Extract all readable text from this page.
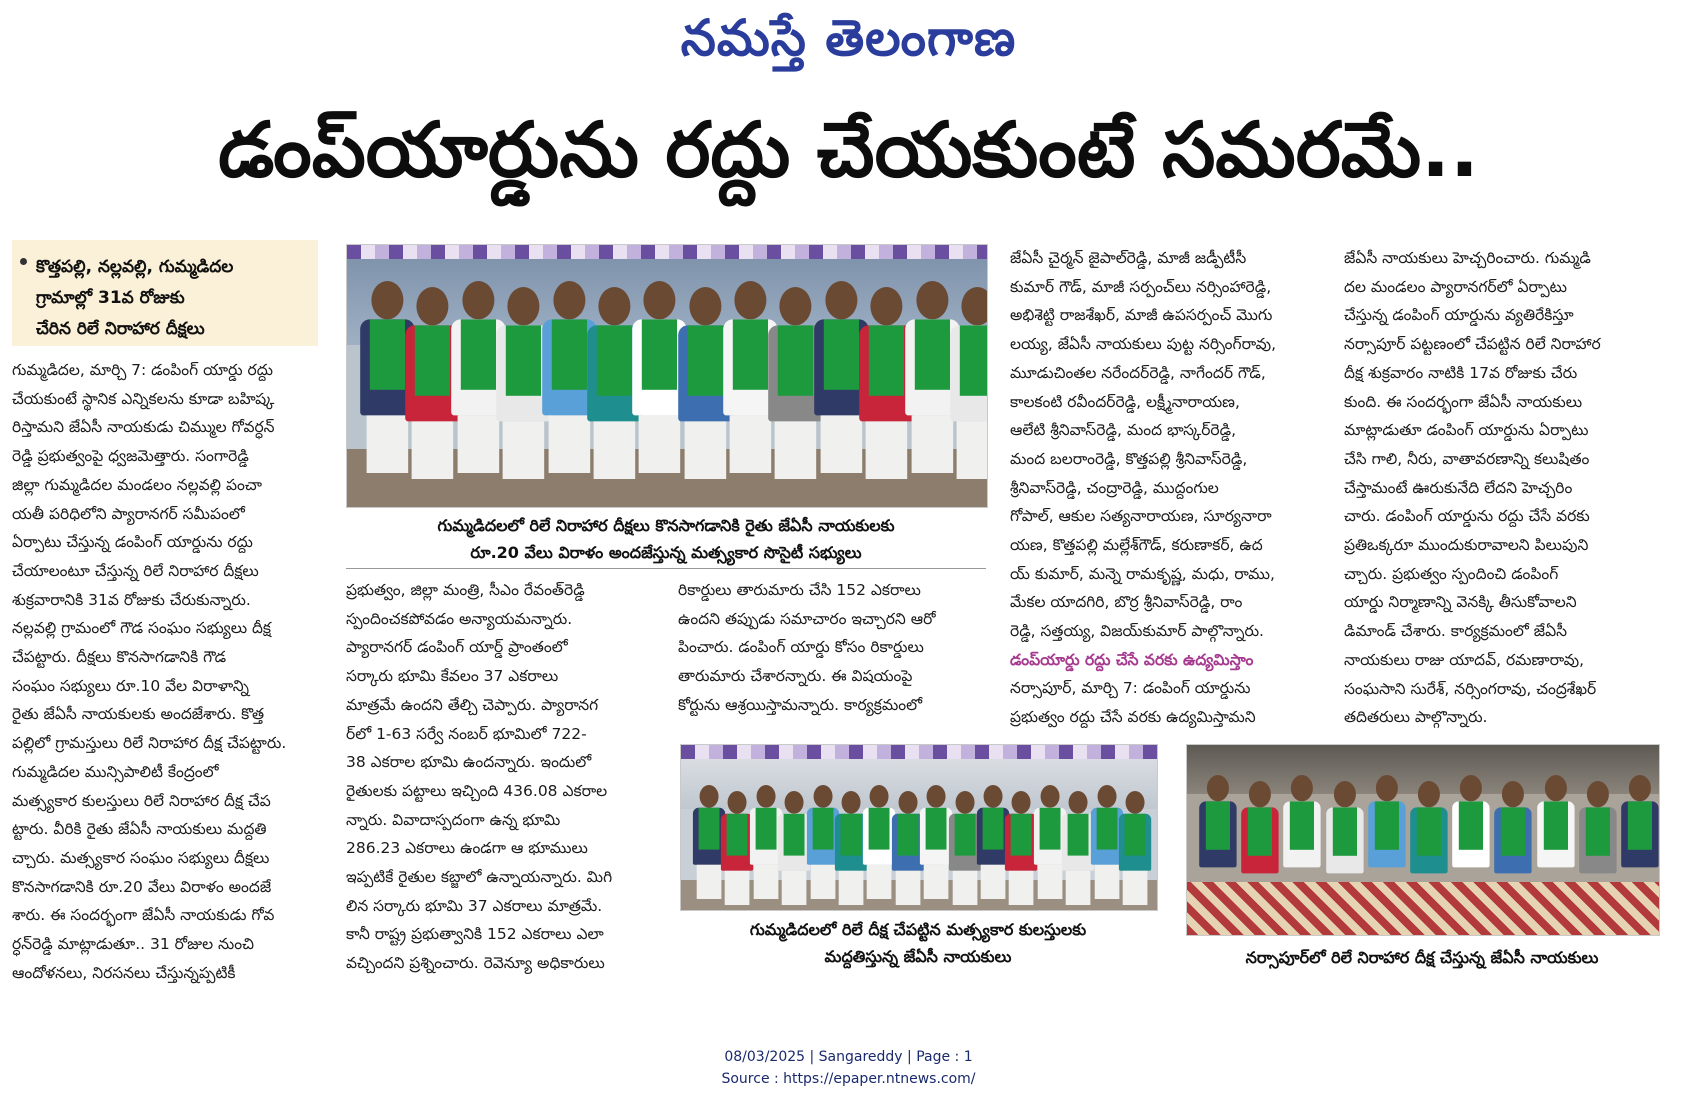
నమస్తే తెలంగాణ
డంప్‌యార్డును రద్దు చేయకుంటే సమరమే..
కొత్తపల్లి, నల్లవల్లి, గుమ్మడిదల
గ్రామాల్లో 31వ రోజుకు
చేరిన రిలే నిరాహార దీక్షలు

గుమ్మడిదల, మార్చి 7: డంపింగ్ యార్డు రద్దు

చేయకుంటే స్థానిక ఎన్నికలను కూడా బహిష్క

రిస్తామని జేఏసీ నాయకుడు చిమ్ముల గోవర్ధన్

రెడ్డి ప్రభుత్వంపై ధ్వజమెత్తారు. సంగారెడ్డి

జిల్లా గుమ్మడిదల మండలం నల్లవల్లి పంచా

యతీ పరిధిలోని ప్యారానగర్ సమీపంలో

ఏర్పాటు చేస్తున్న డంపింగ్ యార్డును రద్దు

చేయాలంటూ చేస్తున్న రిలే నిరాహార దీక్షలు

శుక్రవారానికి 31వ రోజుకు చేరుకున్నారు.

నల్లవల్లి గ్రామంలో గౌడ సంఘం సభ్యులు దీక్ష

చేపట్టారు. దీక్షలు కొనసాగడానికి గౌడ

సంఘం సభ్యులు రూ.10 వేల విరాళాన్ని

రైతు జేఏసీ నాయకులకు అందజేశారు. కొత్త

పల్లిలో గ్రామస్తులు రిలే నిరాహార దీక్ష చేపట్టారు.

గుమ్మడిదల మున్సిపాలిటీ కేంద్రంలో

మత్స్యకార కులస్తులు రిలే నిరాహార దీక్ష చేప

ట్టారు. వీరికి రైతు జేఏసీ నాయకులు మద్దతి

చ్చారు. మత్స్యకార సంఘం సభ్యులు దీక్షలు

కొనసాగడానికి రూ.20 వేలు విరాళం అందజే

శారు. ఈ సందర్భంగా జేఏసీ నాయకుడు గోవ

ర్ధన్‌రెడ్డి మాట్లాడుతూ.. 31 రోజుల నుంచి

ఆందోళనలు, నిరసనలు చేస్తున్నప్పటికీ

గుమ్మడిదలలో రిలే నిరాహార దీక్షలు కొనసాగడానికి రైతు జేఏసీ నాయకులకు
రూ.20 వేలు విరాళం అందజేస్తున్న మత్స్యకార సొసైటీ సభ్యులు

ప్రభుత్వం, జిల్లా మంత్రి, సీఎం రేవంత్‌రెడ్డి

స్పందించకపోవడం అన్యాయమన్నారు.

ప్యారానగర్ డంపింగ్ యార్డ్ ప్రాంతంలో

సర్కారు భూమి కేవలం 37 ఎకరాలు

మాత్రమే ఉందని తేల్చి చెప్పారు. ప్యారానగ

ర్‌లో 1-63 సర్వే నంబర్ భూమిలో 722-

38 ఎకరాల భూమి ఉందన్నారు. ఇందులో

రైతులకు పట్టాలు ఇచ్చింది 436.08 ఎకరాల

న్నారు. వివాదాస్పదంగా ఉన్న భూమి

286.23 ఎకరాలు ఉండగా ఆ భూములు

ఇప్పటికే రైతుల కబ్జాలో ఉన్నాయన్నారు. మిగి

లిన సర్కారు భూమి 37 ఎకరాలు మాత్రమే.

కానీ రాష్ట్ర ప్రభుత్వానికి 152 ఎకరాలు ఎలా

వచ్చిందని ప్రశ్నించారు. రెవెన్యూ అధికారులు

రికార్డులు తారుమారు చేసి 152 ఎకరాలు

ఉందని తప్పుడు సమాచారం ఇచ్చారని ఆరో

పించారు. డంపింగ్ యార్డు కోసం రికార్డులు

తారుమారు చేశారన్నారు. ఈ విషయంపై

కోర్టును ఆశ్రయిస్తామన్నారు. కార్యక్రమంలో

జేఏసీ చైర్మన్ జైపాల్‌రెడ్డి, మాజీ జడ్పీటీసీ

కుమార్ గౌడ్, మాజీ సర్పంచ్‌లు నర్సింహారెడ్డి,

అభిశెట్టి రాజశేఖర్, మాజీ ఉపసర్పంచ్ మొగు

లయ్య, జేఏసీ నాయకులు పుట్ట నర్సింగ్‌రావు,

మూడుచింతల నరేందర్‌రెడ్డి, నాగేందర్ గౌడ్,

కాలకంటి రవీందర్‌రెడ్డి, లక్ష్మీనారాయణ,

ఆలేటి శ్రీనివాస్‌రెడ్డి, మంద భాస్కర్‌రెడ్డి,

మంద బలరాంరెడ్డి, కొత్తపల్లి శ్రీనివాస్‌రెడ్డి,

శ్రీనివాస్‌రెడ్డి, చంద్రారెడ్డి, ముద్దంగుల

గోపాల్, ఆకుల సత్యనారాయణ, సూర్యనారా

యణ, కొత్తపల్లి మల్లేశ్‌గౌడ్, కరుణాకర్, ఉద

య్ కుమార్, మన్నె రామకృష్ణ, మధు, రాము,

మేకల యాదగిరి, బొర్ర శ్రీనివాస్‌రెడ్డి, రాం

రెడ్డి, సత్తయ్య, విజయ్‌కుమార్ పాల్గొన్నారు.

డంప్‌యార్డు రద్దు చేసే వరకు ఉద్యమిస్తాం

నర్సాపూర్, మార్చి 7: డంపింగ్ యార్డును

ప్రభుత్వం రద్దు చేసే వరకు ఉద్యమిస్తామని

జేఏసీ నాయకులు హెచ్చరించారు. గుమ్మడి

దల మండలం ప్యారానగర్‌లో ఏర్పాటు

చేస్తున్న డంపింగ్ యార్డును వ్యతిరేకిస్తూ

నర్సాపూర్ పట్టణంలో చేపట్టిన రిలే నిరాహార

దీక్ష శుక్రవారం నాటికి 17వ రోజుకు చేరు

కుంది. ఈ సందర్భంగా జేఏసీ నాయకులు

మాట్లాడుతూ డంపింగ్ యార్డును ఏర్పాటు

చేసి గాలి, నీరు, వాతావరణాన్ని కలుషితం

చేస్తామంటే ఊరుకునేది లేదని హెచ్చరిం

చారు. డంపింగ్ యార్డును రద్దు చేసే వరకు

ప్రతిఒక్కరూ ముందుకురావాలని పిలుపుని

చ్చారు. ప్రభుత్వం స్పందించి డంపింగ్

యార్డు నిర్మాణాన్ని వెనక్కి తీసుకోవాలని

డిమాండ్ చేశారు. కార్యక్రమంలో జేఏసీ

నాయకులు రాజు యాదవ్, రమణారావు,

సంఘసాని సురేశ్, నర్సింగరావు, చంద్రశేఖర్

తదితరులు పాల్గొన్నారు.

గుమ్మడిదలలో రిలే దీక్ష చేపట్టిన మత్స్యకార కులస్తులకు
మద్దతిస్తున్న జేఏసీ నాయకులు	నర్సాపూర్‌లో రిలే నిరాహార దీక్ష చేస్తున్న జేఏసీ నాయకులు
08/03/2025 | Sangareddy | Page : 1
Source : https://epaper.ntnews.com/
